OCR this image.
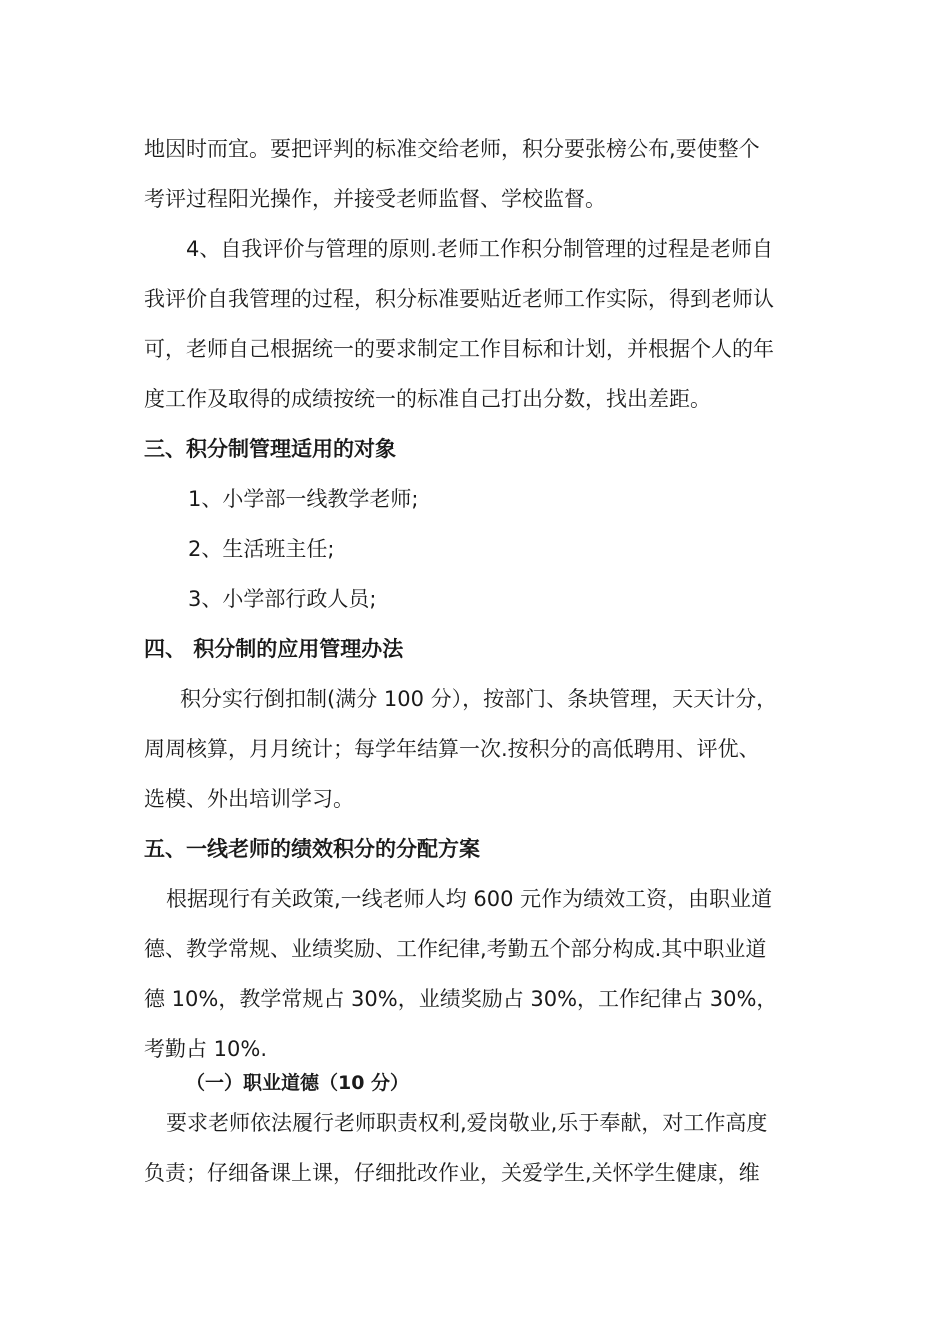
地因时而宜。要把评判的标准交给老师，积分要张榜公布,要使整个
考评过程阳光操作，并接受老师监督、学校监督。
4、自我评价与管理的原则.老师工作积分制管理的过程是老师自
我评价自我管理的过程，积分标准要贴近老师工作实际，得到老师认
可，老师自己根据统一的要求制定工作目标和计划，并根据个人的年
度工作及取得的成绩按统一的标准自己打出分数，找出差距。
三、积分制管理适用的对象
1、小学部一线教学老师;
2、生活班主任;
3、小学部行政人员;
四、 积分制的应用管理办法
积分实行倒扣制(满分 100 分），按部门、条块管理，天天计分，
周周核算，月月统计；每学年结算一次.按积分的高低聘用、评优、
选模、外出培训学习。
五、一线老师的绩效积分的分配方案
根据现行有关政策,一线老师人均 600 元作为绩效工资，由职业道
德、教学常规、业绩奖励、工作纪律,考勤五个部分构成.其中职业道
德 10%，教学常规占 30%，业绩奖励占 30%，工作纪律占 30%，
考勤占 10%.
（一）职业道德（10 分）
要求老师依法履行老师职责权利,爱岗敬业,乐于奉献，对工作高度
负责；仔细备课上课，仔细批改作业，关爱学生,关怀学生健康，维
